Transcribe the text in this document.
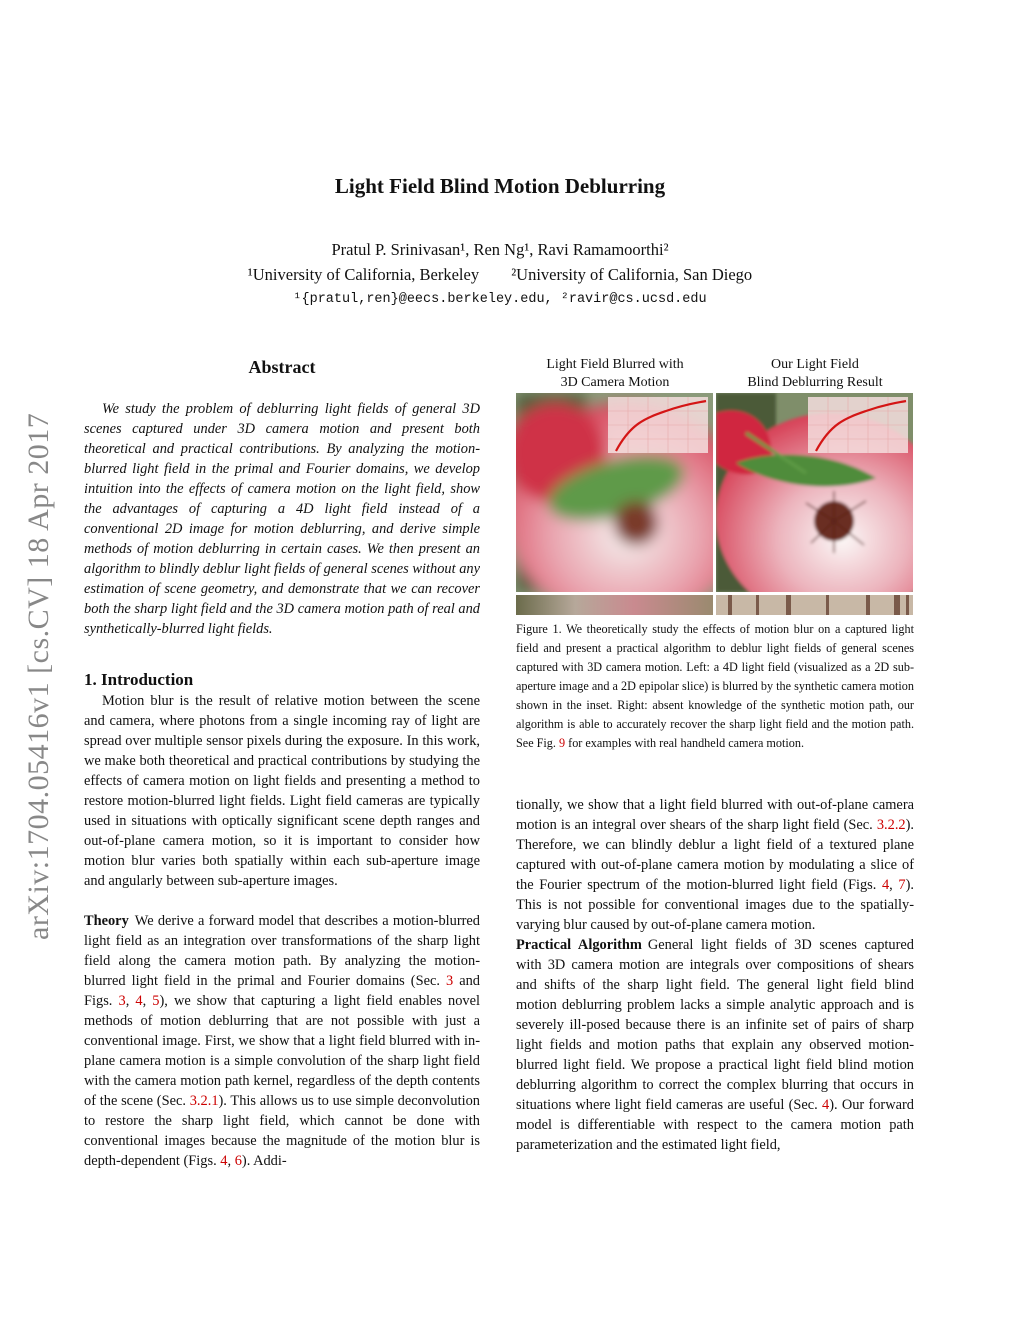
Light Field Blind Motion Deblurring
Pratul P. Srinivasan¹, Ren Ng¹, Ravi Ramamoorthi²
¹University of California, Berkeley ²University of California, San Diego
¹{pratul,ren}@eecs.berkeley.edu, ²ravir@cs.ucsd.edu
arXiv:1704.05416v1 [cs.CV] 18 Apr 2017
Abstract

We study the problem of deblurring light fields of general 3D scenes captured under 3D camera motion and present both theoretical and practical contributions. By analyzing the motion-blurred light field in the primal and Fourier domains, we develop intuition into the effects of camera motion on the light field, show the advantages of capturing a 4D light field instead of a conventional 2D image for motion deblurring, and derive simple methods of motion deblurring in certain cases. We then present an algorithm to blindly deblur light fields of general scenes without any estimation of scene geometry, and demonstrate that we can recover both the sharp light field and the 3D camera motion path of real and synthetically-blurred light fields.

1. Introduction

Motion blur is the result of relative motion between the scene and camera, where photons from a single incoming ray of light are spread over multiple sensor pixels during the exposure. In this work, we make both theoretical and practical contributions by studying the effects of camera motion on light fields and presenting a method to restore motion-blurred light fields. Light field cameras are typically used in situations with optically significant scene depth ranges and out-of-plane camera motion, so it is important to consider how motion blur varies both spatially within each sub-aperture image and angularly between sub-aperture images.

Theory We derive a forward model that describes a motion-blurred light field as an integration over transformations of the sharp light field along the camera motion path. By analyzing the motion-blurred light field in the primal and Fourier domains (Sec. 3 and Figs. 3, 4, 5), we show that capturing a light field enables novel methods of motion deblurring that are not possible with just a conventional image. First, we show that a light field blurred with in-plane camera motion is a simple convolution of the sharp light field with the camera motion path kernel, regardless of the depth contents of the scene (Sec. 3.2.1). This allows us to use simple deconvolution to restore the sharp light field, which cannot be done with conventional images because the magnitude of the motion blur is depth-dependent (Figs. 4, 6). Addi-

Light Field Blurred with
3D Camera Motion
Our Light Field
Blind Deblurring Result
Figure 1. We theoretically study the effects of motion blur on a captured light field and present a practical algorithm to deblur light fields of general scenes captured with 3D camera motion. Left: a 4D light field (visualized as a 2D sub-aperture image and a 2D epipolar slice) is blurred by the synthetic camera motion shown in the inset. Right: absent knowledge of the synthetic motion path, our algorithm is able to accurately recover the sharp light field and the motion path. See Fig. 9 for examples with real handheld camera motion.

tionally, we show that a light field blurred with out-of-plane camera motion is an integral over shears of the sharp light field (Sec. 3.2.2). Therefore, we can blindly deblur a light field of a textured plane captured with out-of-plane camera motion by modulating a slice of the Fourier spectrum of the motion-blurred light field (Figs. 4, 7). This is not possible for conventional images due to the spatially-varying blur caused by out-of-plane camera motion.

Practical Algorithm General light fields of 3D scenes captured with 3D camera motion are integrals over compositions of shears and shifts of the sharp light field. The general light field blind motion deblurring problem lacks a simple analytic approach and is severely ill-posed because there is an infinite set of pairs of sharp light fields and motion paths that explain any observed motion-blurred light field. We propose a practical light field blind motion deblurring algorithm to correct the complex blurring that occurs in situations where light field cameras are useful (Sec. 4). Our forward model is differentiable with respect to the camera motion path parameterization and the estimated light field,
